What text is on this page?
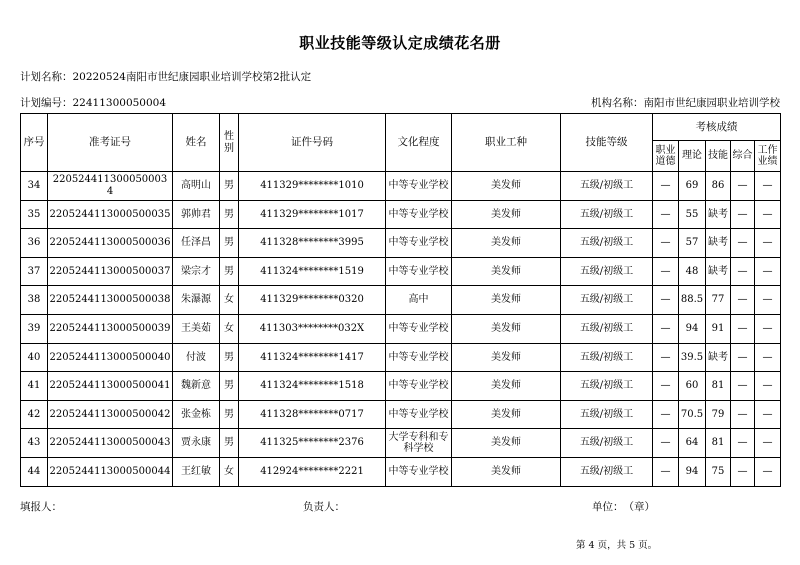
职业技能等级认定成绩花名册
计划名称：20220524南阳市世纪康园职业培训学校第2批认定
计划编号：22411300050004	机构名称：南阳市世纪康园职业培训学校
序号	准考证号	姓名	性别	证件号码	文化程度	职业工种	技能等级	考核成绩				
								职业道德	理论	技能	综合	工作业绩
34	220524411300050003 4	高明山	男	411329********1010	中等专业学校	美发师	五级/初级工	—	69	86	—	—
35	2205244113000500035	郭帅君	男	411329********1017	中等专业学校	美发师	五级/初级工	—	55	缺考	—	—
36	2205244113000500036	任泽昌	男	411328********3995	中等专业学校	美发师	五级/初级工	—	57	缺考	—	—
37	2205244113000500037	梁宗才	男	411324********1519	中等专业学校	美发师	五级/初级工	—	48	缺考	—	—
38	2205244113000500038	朱瀑源	女	411329********0320	高中	美发师	五级/初级工	—	88.5	77	—	—
39	2205244113000500039	王美茹	女	411303********032X	中等专业学校	美发师	五级/初级工	—	94	91	—	—
40	2205244113000500040	付波	男	411324********1417	中等专业学校	美发师	五级/初级工	—	39.5	缺考	—	—
41	2205244113000500041	魏新意	男	411324********1518	中等专业学校	美发师	五级/初级工	—	60	81	—	—
42	2205244113000500042	张金栋	男	411328********0717	中等专业学校	美发师	五级/初级工	—	70.5	79	—	—
43	2205244113000500043	贾永康	男	411325********2376	大学专科和专科学校	美发师	五级/初级工	—	64	81	—	—
44	2205244113000500044	王红敏	女	412924********2221	中等专业学校	美发师	五级/初级工	—	94	75	—	—
填报人：	负责人：	单位：　（章）
第 4 页，共 5 页。
